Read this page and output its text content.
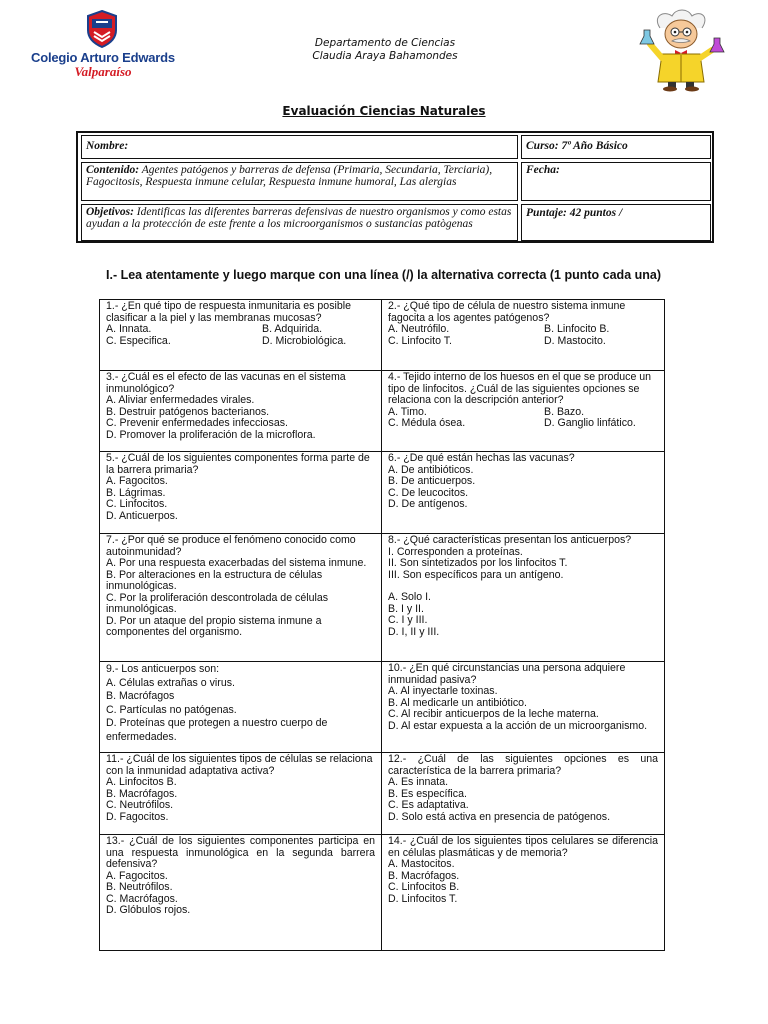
Colegio Arturo Edwards
Valparaíso
Departamento de Ciencias
Claudia Araya Bahamondes
Evaluación Ciencias Naturales
Nombre:	Curso: 7º Año Básico
Contenido: Agentes patógenos y barreras de defensa (Primaria, Secundaria, Terciaria), Fagocitosis, Respuesta inmune celular, Respuesta inmune humoral, Las alergias
Fecha:
Objetivos: Identificas las diferentes barreras defensivas de nuestro organismos y como estas ayudan a la protección de este frente a los microorganismos o sustancias patògenas
Puntaje: 42 puntos /
I.- Lea atentamente y luego marque con una línea (/) la alternativa correcta (1 punto cada una)
1.- ¿En qué tipo de respuesta inmunitaria es posible clasificar a la piel y las membranas mucosas?
A. Innata.	B. Adquirida.
C. Especifica.	D. Microbiológica.
2.- ¿Qué tipo de célula de nuestro sistema inmune fagocita a los agentes patógenos?
A. Neutrófilo.	B. Linfocito B.
C. Linfocito T.	D. Mastocito.
3.- ¿Cuál es el efecto de las vacunas en el sistema inmunológico?
A. Aliviar enfermedades virales.
B. Destruir patógenos bacterianos.
C. Prevenir enfermedades infecciosas.
D. Promover la proliferación de la microflora.
4.- Tejido interno de los huesos en el que se produce un tipo de linfocitos. ¿Cuál de las siguientes opciones se relaciona con la descripción anterior?
A. Timo.	B. Bazo.
C. Médula ósea.	D. Ganglio linfático.
5.- ¿Cuál de los siguientes componentes forma parte de la barrera primaria?
A. Fagocitos.
B. Lágrimas.
C. Linfocitos.
D. Anticuerpos.
6.- ¿De qué están hechas las vacunas?
A. De antibióticos.
B. De anticuerpos.
C. De leucocitos.
D. De antígenos.
7.- ¿Por qué se produce el fenómeno conocido como autoinmunidad?
A. Por una respuesta exacerbadas del sistema inmune.
B. Por alteraciones en la estructura de células inmunológicas.
C. Por la proliferación descontrolada de células inmunológicas.
D. Por un ataque del propio sistema inmune a componentes del organismo.
8.- ¿Qué características presentan los anticuerpos?
I. Corresponden a proteínas.
II. Son sintetizados por los linfocitos T.
III. Son específicos para un antígeno.
A. Solo I.
B. I y II.
C. I y III.
D. I, II y III.
9.- Los anticuerpos son:
A. Células extrañas o virus.
B. Macrófagos
C. Partículas no patógenas.
D. Proteínas que protegen a nuestro cuerpo de enfermedades.
10.- ¿En qué circunstancias una persona adquiere inmunidad pasiva?
A. Al inyectarle toxinas.
B. Al medicarle un antibiótico.
C. Al recibir anticuerpos de la leche materna.
D. Al estar expuesta a la acción de un microorganismo.
11.- ¿Cuál de los siguientes tipos de células se relaciona con la inmunidad adaptativa activa?
A. Linfocitos B.
B. Macrófagos.
C. Neutrófilos.
D. Fagocitos.
12.- ¿Cuál de las siguientes opciones es una característica de la barrera primaria?
A. Es innata.
B. Es específica.
C. Es adaptativa.
D. Solo está activa en presencia de patógenos.
13.- ¿Cuál de los siguientes componentes participa en una respuesta inmunológica en la segunda barrera defensiva?
A. Fagocitos.
B. Neutrófilos.
C. Macrófagos.
D. Glóbulos rojos.
14.- ¿Cuál de los siguientes tipos celulares se diferencia en células plasmáticas y de memoria?
A. Mastocitos.
B. Macrófagos.
C. Linfocitos B.
D. Linfocitos T.
